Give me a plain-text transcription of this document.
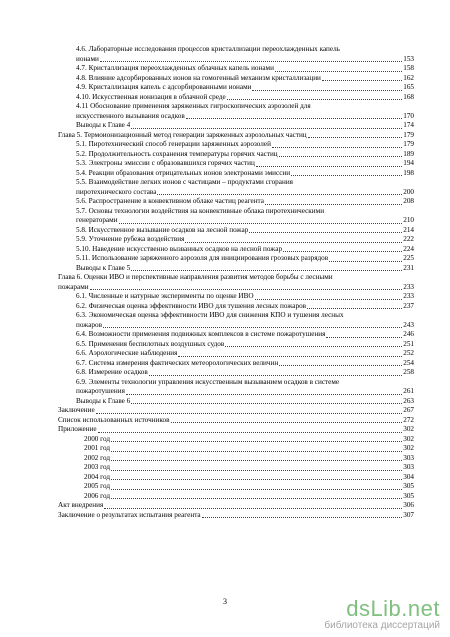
4.6. Лабораторные исследования процессов кристаллизации переохлажденных капель
ионами	153
4.7. Кристаллизация переохлажденных облачных капель ионами	158
4.8. Влияние адсорбированных ионов на гомогенный механизм кристаллизации	162
4.9. Кристаллизация капель с адсорбированными ионами	165
4.10. Искусственная ионизация в облачной среде	168
4.11 Обоснование применения заряженных гигроскопических аэрозолей для
искусственного вызывания осадков	170
Выводы к Главе 4	174
Глава 5. Термоионизационный метод генерации заряженных аэрозольных частиц	179
5.1. Пиротехнический способ генерации заряженных аэрозолей	179
5.2. Продолжительность сохранения температуры горячих частиц	189
5.3. Электроны эмиссии с образовавшихся горячих частиц	194
5.4. Реакции образования отрицательных ионов электронами эмиссии	198
5.5. Взаимодействие легких ионов с частицами – продуктами сгорания
пиротехнического состава	200
5.6. Распространение в конвективном облаке частиц реагента	208
5.7. Основы технологии воздействия на конвективные облака пиротехническими
генераторами	210
5.8. Искусственное вызывание осадков на лесной пожар	214
5.9. Уточнение рубежа воздействия	222
5.10. Наведение искусственно вызванных осадков на лесной пожар	224
5.11. Использование заряженного аэрозоля для инициирования грозовых разрядов	225
Выводы к Главе 5	231
Глава 6. Оценки ИВО и перспективные направления развития методов борьбы с лесными
пожарами	233
6.1. Численные и натурные эксперименты по оценке ИВО	233
6.2. Физическая оценка эффективности ИВО для тушения лесных пожаров	237
6.3. Экономическая оценка эффективности ИВО для снижения КПО и тушения лесных
пожаров	243
6.4. Возможности применения подвижных комплексов в системе пожаротушения	246
6.5. Применения беспилотных воздушных судов	251
6.6. Аэрологические наблюдения	252
6.7. Система измерения фактических метеорологических величин	254
6.8. Измерение осадков	258
6.9. Элементы технологии управления искусственным вызыванием осадков в системе
пожаротушения	261
Выводы к Главе 6	263
Заключение	267
Список использованных источников	272
Приложение	302
2000 год	302
2001 год	302
2002 год	303
2003 год	303
2004 год	304
2005 год	305
2006 год	305
Акт внедрения	306
Заключение о результатах испытания реагента	307
3	dsLib.net
библиотека диссертаций
